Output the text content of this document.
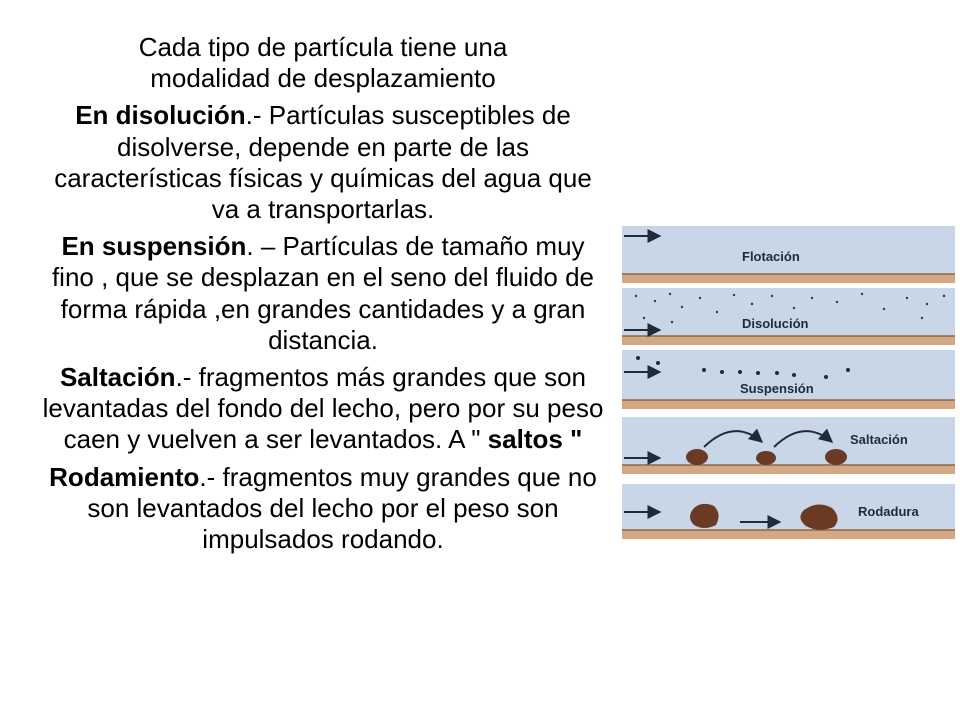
Cada tipo de partícula tiene una
modalidad de desplazamiento

En disolución.- Partículas susceptibles de disolverse, depende en parte de las características físicas y químicas del agua que va a transportarlas.

En suspensión. – Partículas de tamaño muy fino , que se desplazan en el seno del fluido de forma rápida ,en grandes cantidades y a gran distancia.

Saltación.- fragmentos más grandes que son levantadas del fondo del lecho, pero por su peso caen y vuelven a ser levantados. A " saltos "

Rodamiento.- fragmentos muy grandes que no son levantados del lecho por el peso son impulsados rodando.

Flotación
Disolución
Suspensión
Saltación
Rodadura
